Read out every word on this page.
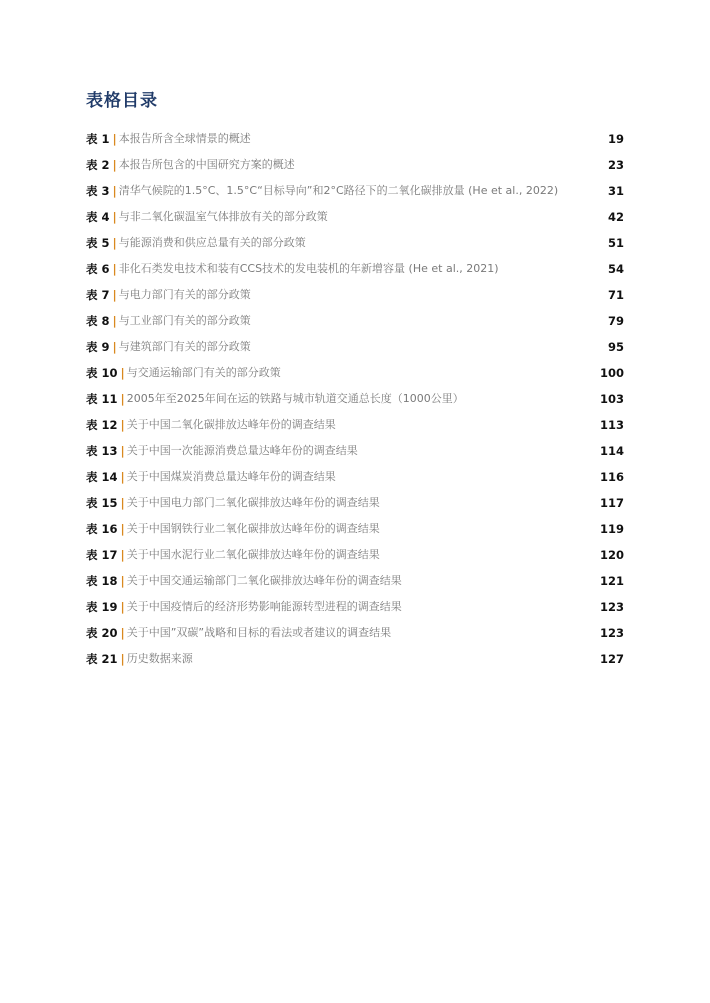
表格目录
表 1 | 本报告所含全球情景的概述	19
表 2 | 本报告所包含的中国研究方案的概述	23
表 3 | 清华气候院的1.5°C、1.5°C“目标导向”和2°C路径下的二氧化碳排放量 (He et al., 2022)	31
表 4 | 与非二氧化碳温室气体排放有关的部分政策	42
表 5 | 与能源消费和供应总量有关的部分政策	51
表 6 | 非化石类发电技术和装有CCS技术的发电装机的年新增容量 (He et al., 2021)	54
表 7 | 与电力部门有关的部分政策	71
表 8 | 与工业部门有关的部分政策	79
表 9 | 与建筑部门有关的部分政策	95
表 10 | 与交通运输部门有关的部分政策	100
表 11 | 2005年至2025年间在运的铁路与城市轨道交通总长度（1000公里）	103
表 12 | 关于中国二氧化碳排放达峰年份的调查结果	113
表 13 | 关于中国一次能源消费总量达峰年份的调查结果	114
表 14 | 关于中国煤炭消费总量达峰年份的调查结果	116
表 15 | 关于中国电力部门二氧化碳排放达峰年份的调查结果	117
表 16 | 关于中国钢铁行业二氧化碳排放达峰年份的调查结果	119
表 17 | 关于中国水泥行业二氧化碳排放达峰年份的调查结果	120
表 18 | 关于中国交通运输部门二氧化碳排放达峰年份的调查结果	121
表 19 | 关于中国疫情后的经济形势影响能源转型进程的调查结果	123
表 20 | 关于中国”双碳”战略和目标的看法或者建议的调查结果	123
表 21 | 历史数据来源	127
